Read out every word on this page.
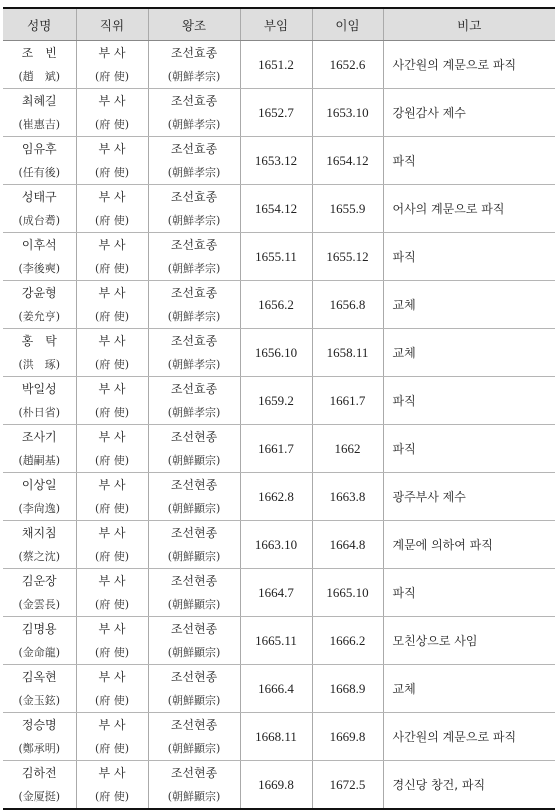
성명	직위	왕조	부임	이임	비고
조　빈	부 사	조선효종	1651.2	1652.6	사간원의 계문으로 파직
(趙　斌)	(府 使)	(朝鮮孝宗)			
최혜길	부 사	조선효종	1652.7	1653.10	강원감사 제수
(崔惠吉)	(府 使)	(朝鮮孝宗)			
임유후	부 사	조선효종	1653.12	1654.12	파직
(任有後)	(府 使)	(朝鮮孝宗)			
성태구	부 사	조선효종	1654.12	1655.9	어사의 계문으로 파직
(成台耈)	(府 使)	(朝鮮孝宗)			
이후석	부 사	조선효종	1655.11	1655.12	파직
(李後奭)	(府 使)	(朝鮮孝宗)			
강윤형	부 사	조선효종	1656.2	1656.8	교체
(姜允亨)	(府 使)	(朝鮮孝宗)			
홍　탁	부 사	조선효종	1656.10	1658.11	교체
(洪　琢)	(府 使)	(朝鮮孝宗)			
박일성	부 사	조선효종	1659.2	1661.7	파직
(朴日省)	(府 使)	(朝鮮孝宗)			
조사기	부 사	조선현종	1661.7	1662	파직
(趙嗣基)	(府 使)	(朝鮮顯宗)			
이상일	부 사	조선현종	1662.8	1663.8	광주부사 제수
(李尙逸)	(府 使)	(朝鮮顯宗)			
채지침	부 사	조선현종	1663.10	1664.8	계문에 의하여 파직
(蔡之沈)	(府 使)	(朝鮮顯宗)			
김운장	부 사	조선현종	1664.7	1665.10	파직
(金雲長)	(府 使)	(朝鮮顯宗)			
김명용	부 사	조선현종	1665.11	1666.2	모친상으로 사임
(金命龍)	(府 使)	(朝鮮顯宗)			
김옥현	부 사	조선현종	1666.4	1668.9	교체
(金玉鉉)	(府 使)	(朝鮮顯宗)			
정승명	부 사	조선현종	1668.11	1669.8	사간원의 계문으로 파직
(鄭承明)	(府 使)	(朝鮮顯宗)			
김하전	부 사	조선현종	1669.8	1672.5	경신당 창건, 파직
(金厦挺)	(府 使)	(朝鮮顯宗)			
